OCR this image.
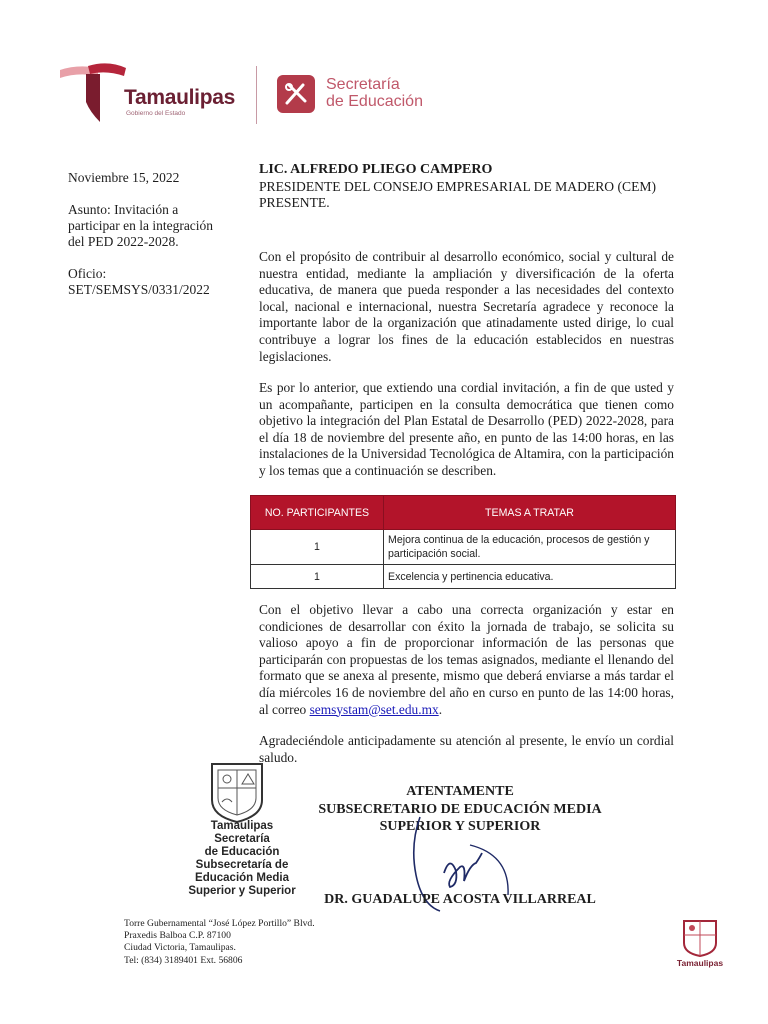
Tamaulipas
Gobierno del Estado
Secretaría
de Educación
Noviembre 15, 2022
Asunto: Invitación a participar en la integración del PED 2022-2028.
Oficio:
SET/SEMSYS/0331/2022
LIC. ALFREDO PLIEGO CAMPERO
PRESIDENTE DEL CONSEJO EMPRESARIAL DE MADERO (CEM)
PRESENTE.
Con el propósito de contribuir al desarrollo económico, social y cultural de nuestra entidad, mediante la ampliación y diversificación de la oferta educativa, de manera que pueda responder a las necesidades del contexto local, nacional e internacional, nuestra Secretaría agradece y reconoce la importante labor de la organización que atinadamente usted dirige, lo cual contribuye a lograr los fines de la educación establecidos en nuestras legislaciones.
Es por lo anterior, que extiendo una cordial invitación, a fin de que usted y un acompañante, participen en la consulta democrática que tienen como objetivo la integración del Plan Estatal de Desarrollo (PED) 2022-2028, para el día 18 de noviembre del presente año, en punto de las 14:00 horas, en las instalaciones de la Universidad Tecnológica de Altamira, con la participación y los temas que a continuación se describen.
NO. PARTICIPANTES	TEMAS A TRATAR
1	Mejora continua de la educación, procesos de gestión y participación social.
1	Excelencia y pertinencia educativa.
Con el objetivo llevar a cabo una correcta organización y estar en condiciones de desarrollar con éxito la jornada de trabajo, se solicita su valioso apoyo a fin de proporcionar información de las personas que participarán con propuestas de los temas asignados, mediante el llenando del formato que se anexa al presente, mismo que deberá enviarse a más tardar el día miércoles 16 de noviembre del año en curso en punto de las 14:00 horas, al correo semsystam@set.edu.mx.
Agradeciéndole anticipadamente su atención al presente, le envío un cordial saludo.
Tamaulipas
Secretaría
de Educación
Subsecretaría de
Educación Media
Superior y Superior
ATENTAMENTE
SUBSECRETARIO DE EDUCACIÓN MEDIA
SUPERIOR Y SUPERIOR
DR. GUADALUPE ACOSTA VILLARREAL
Torre Gubernamental “José López Portillo” Blvd.
Praxedis Balboa C.P. 87100
Ciudad Victoria, Tamaulipas.
Tel: (834) 3189401 Ext. 56806	Tamaulipas
